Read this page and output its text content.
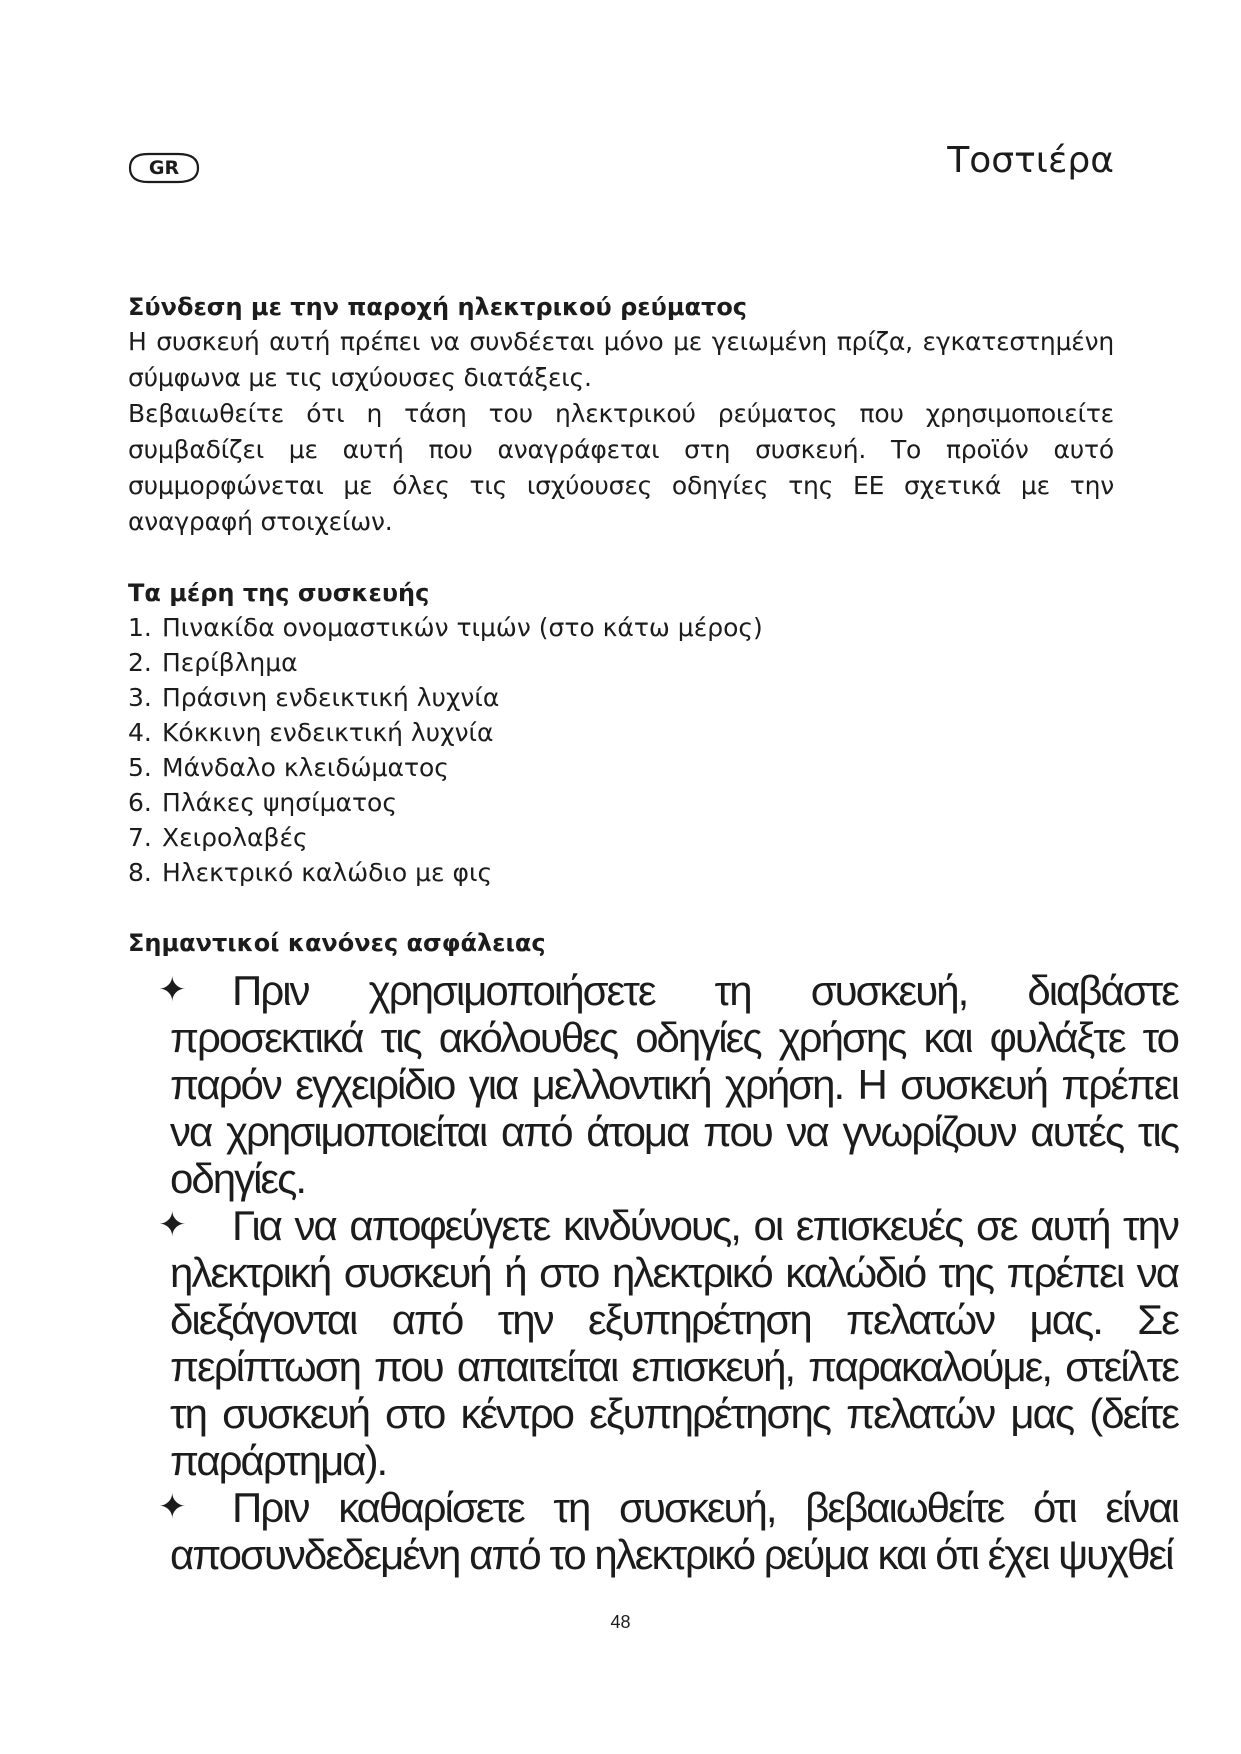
GR	Τοστιέρα
Σύνδεση με την παροχή ηλεκτρικού ρεύματος

Η συσκευή αυτή πρέπει να συνδέεται μόνο με γειωμένη πρίζα, εγκατεστημένη σύμφωνα με τις ισχύουσες διατάξεις.

Βεβαιωθείτε ότι η τάση του ηλεκτρικού ρεύματος που χρησιμοποιείτε συμβαδίζει με αυτή που αναγράφεται στη συσκευή. Το προϊόν αυτό συμμορφώνεται με όλες τις ισχύουσες οδηγίες της ΕΕ σχετικά με την αναγραφή στοιχείων.

Τα μέρη της συσκευής
1. Πινακίδα ονομαστικών τιμών (στο κάτω μέρος)
2. Περίβλημα
3. Πράσινη ενδεικτική λυχνία
4. Κόκκινη ενδεικτική λυχνία
5. Μάνδαλο κλειδώματος
6. Πλάκες ψησίματος
7. Χειρολαβές
8. Ηλεκτρικό καλώδιο με φις
Σημαντικοί κανόνες ασφάλειας

✦	Πριν χρησιμοποιήσετε τη συσκευή, διαβάστε προσεκτικά τις ακόλουθες οδηγίες χρήσης και φυλάξτε το παρόν εγχειρίδιο για μελλοντική χρήση. Η συσκευή πρέπει να χρησιμοποιείται από άτομα που να γνωρίζουν αυτές τις οδηγίες.

✦	Για να αποφεύγετε κινδύνους, οι επισκευές σε αυτή την ηλεκτρική συσκευή ή στο ηλεκτρικό καλώδιό της πρέπει να διεξάγονται από την εξυπηρέτηση πελατών μας. Σε περίπτωση που απαιτείται επισκευή, παρακαλούμε, στείλτε τη συσκευή στο κέντρο εξυπηρέτησης πελατών μας (δείτε παράρτημα).

✦	Πριν καθαρίσετε τη συσκευή, βεβαιωθείτε ότι είναι αποσυνδεδεμένη από το ηλεκτρικό ρεύμα και ότι έχει ψυχθεί

48
